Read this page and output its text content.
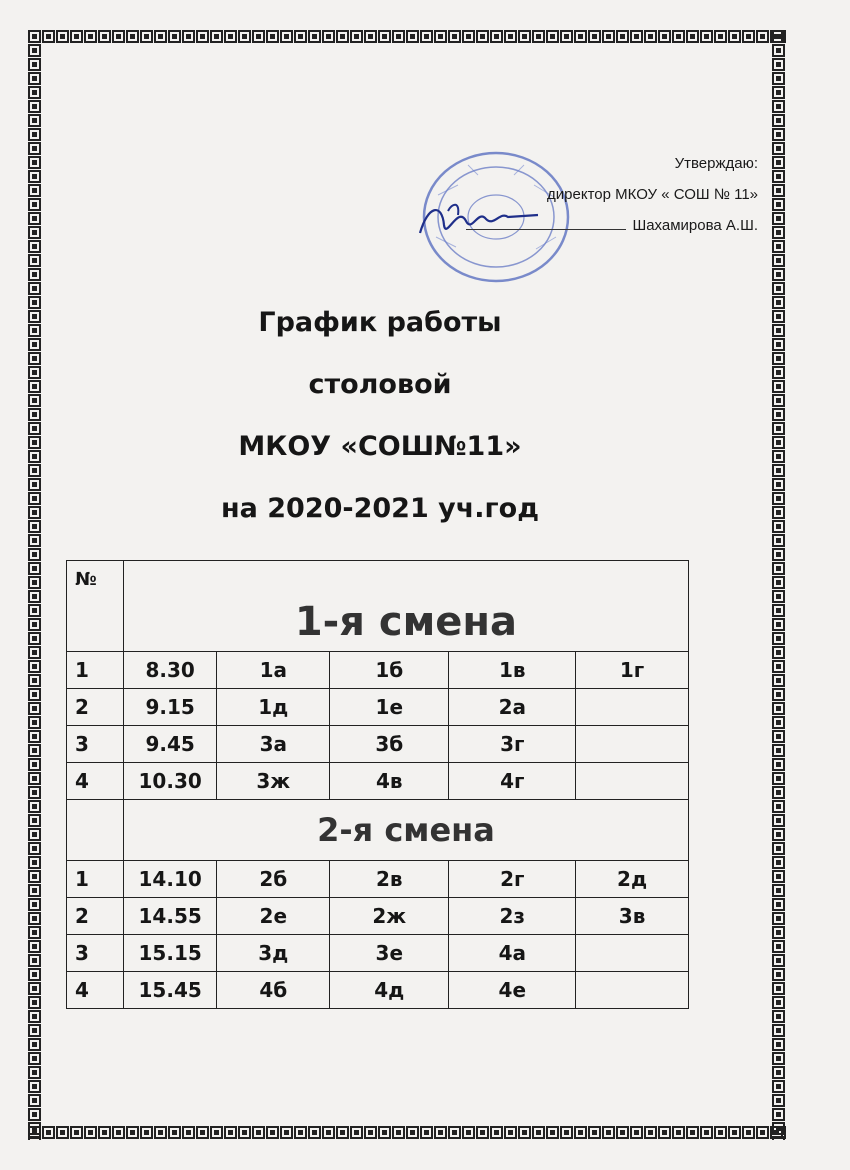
Утверждаю:
директор МКОУ « СОШ № 11»
Шахамирова А.Ш.
График работы
столовой
МКОУ «СОШ№11»
на 2020-2021 уч.год
№	1-я смена				
1	8.30	1а	1б	1в	1г
2	9.15	1д	1е	2а	
3	9.45	3а	3б	3г	
4	10.30	3ж	4в	4г	
	2-я смена				
1	14.10	2б	2в	2г	2д
2	14.55	2е	2ж	2з	3в
3	15.15	3д	3е	4а	
4	15.45	4б	4д	4е	
